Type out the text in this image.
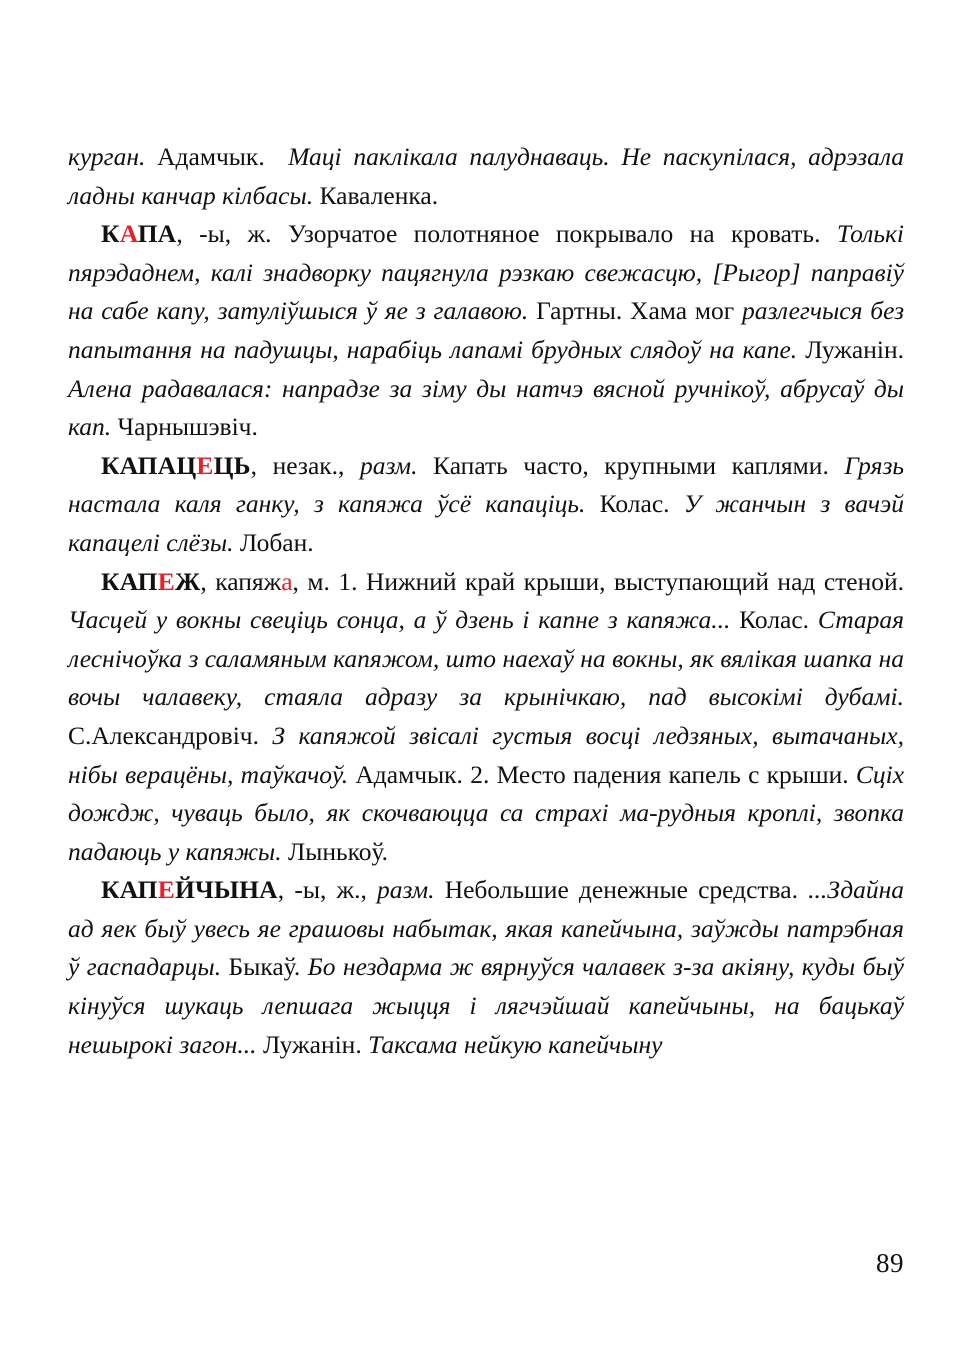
курган. Адамчык. Маці паклікала палуднаваць. Не паскупілася, адрэзала ладны канчар кілбасы. Каваленка.

КАПА, -ы, ж. Узорчатое полотняное покрывало на кровать. Толькі пярэдаднем, калі знадворку пацягнула рэзкаю свежасцю, [Рыгор] паправіў на сабе капу, затуліўшыся ў яе з галавою. Гартны. Хама мог разлегчыся без папытання на падушцы, нарабіць лапамі брудных слядоў на капе. Лужанін. Алена радавалася: напрадзе за зіму ды натчэ вясной ручнікоў, абрусаў ды кап. Чарнышэвіч.

КАПАЦЕЦЬ, незак., разм. Капать часто, крупными каплями. Грязь настала каля ганку, з капяжа ўсё капаціць. Колас. У жанчын з вачэй капацелі слёзы. Лобан.

КАПЕЖ, капяжа, м. 1. Нижний край крыши, выступающий над стеной. Часцей у вокны свеціць сонца, а ў дзень і капне з капяжа... Колас. Старая леснічоўка з саламяным капяжом, што наехаў на вокны, як вялікая шапка на вочы чалавеку, стаяла адразу за крынічкаю, пад высокімі дубамі. С.Александровіч. З капяжой звісалі густыя восці ледзяных, вытачаных, нібы верацёны, таўкачоў. Адамчык. 2. Место падения капель с крыши. Сціх дождж, чуваць было, як скочваюцца са страхі ма-рудныя кроплі, звопка падаюць у капяжы. Лынькоў.

КАПЕЙЧЫНА, -ы, ж., разм. Небольшие денежные средства. ...Здайна ад яек быў увесь яе грашовы набытак, якая капейчына, заўжды патрэбная ў гаспадарцы. Быкаў. Бо нездарма ж вярнуўся чалавек з-за акіяну, куды быў кінуўся шукаць лепшага жыцця і лягчэйшай капейчыны, на бацькаў нешыpокі загон... Лужанін. Таксама нейкую капейчыну

89
